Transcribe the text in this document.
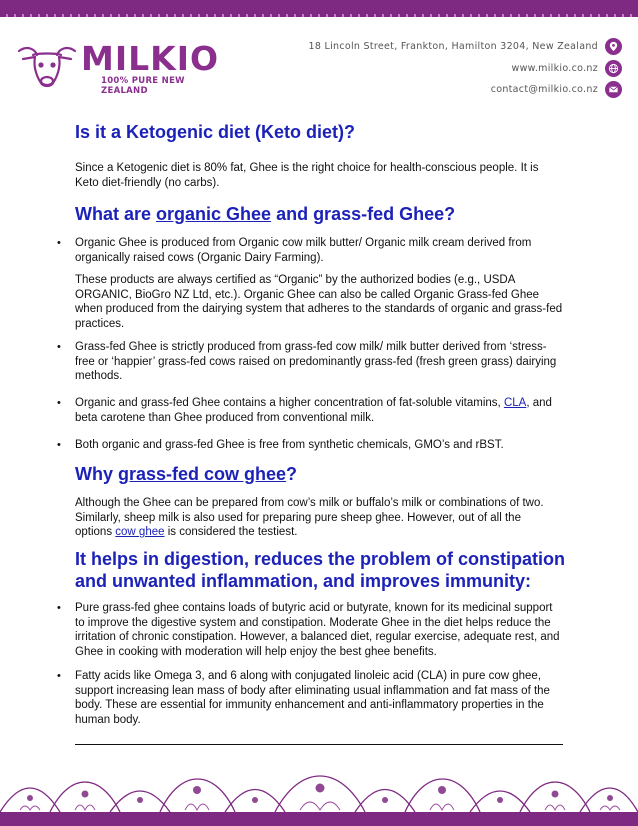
MILKIO
100% PURE NEW ZEALAND
18 Lincoln Street, Frankton, Hamilton 3204, New Zealand
www.milkio.co.nz
contact@milkio.co.nz
Is it a Ketogenic diet (Keto diet)?

Since a Ketogenic diet is 80% fat, Ghee is the right choice for health-conscious people. It is
Keto diet-friendly (no carbs).

What are organic Ghee and grass-fed Ghee?
•	Organic Ghee is produced from Organic cow milk butter/ Organic milk cream derived from
organically raised cows (Organic Dairy Farming).

These products are always certified as “Organic” by the authorized bodies (e.g., USDA
ORGANIC, BioGro NZ Ltd, etc.). Organic Ghee can also be called Organic Grass-fed Ghee
when produced from the dairying system that adheres to the standards of organic and grass-fed
practices.

•	Grass-fed Ghee is strictly produced from grass-fed cow milk/ milk butter derived from ‘stress-
free or ‘happier’ grass-fed cows raised on predominantly grass-fed (fresh green grass) dairying
methods.

•	Organic and grass-fed Ghee contains a higher concentration of fat-soluble vitamins, CLA, and
beta carotene than Ghee produced from conventional milk.

•	Both organic and grass-fed Ghee is free from synthetic chemicals, GMO’s and rBST.

Why grass-fed cow ghee?

Although the Ghee can be prepared from cow’s milk or buffalo’s milk or combinations of two.
Similarly, sheep milk is also used for preparing pure sheep ghee. However, out of all the
options cow ghee is considered the testiest.

It helps in digestion, reduces the problem of constipation
and unwanted inflammation, and improves immunity:
•	Pure grass-fed ghee contains loads of butyric acid or butyrate, known for its medicinal support
to improve the digestive system and constipation. Moderate Ghee in the diet helps reduce the
irritation of chronic constipation. However, a balanced diet, regular exercise, adequate rest, and
Ghee in cooking with moderation will help enjoy the best ghee benefits.

•	Fatty acids like Omega 3, and 6 along with conjugated linoleic acid (CLA) in pure cow ghee,
support increasing lean mass of body after eliminating usual inflammation and fat mass of the
body. These are essential for immunity enhancement and anti-inflammatory properties in the
human body.
